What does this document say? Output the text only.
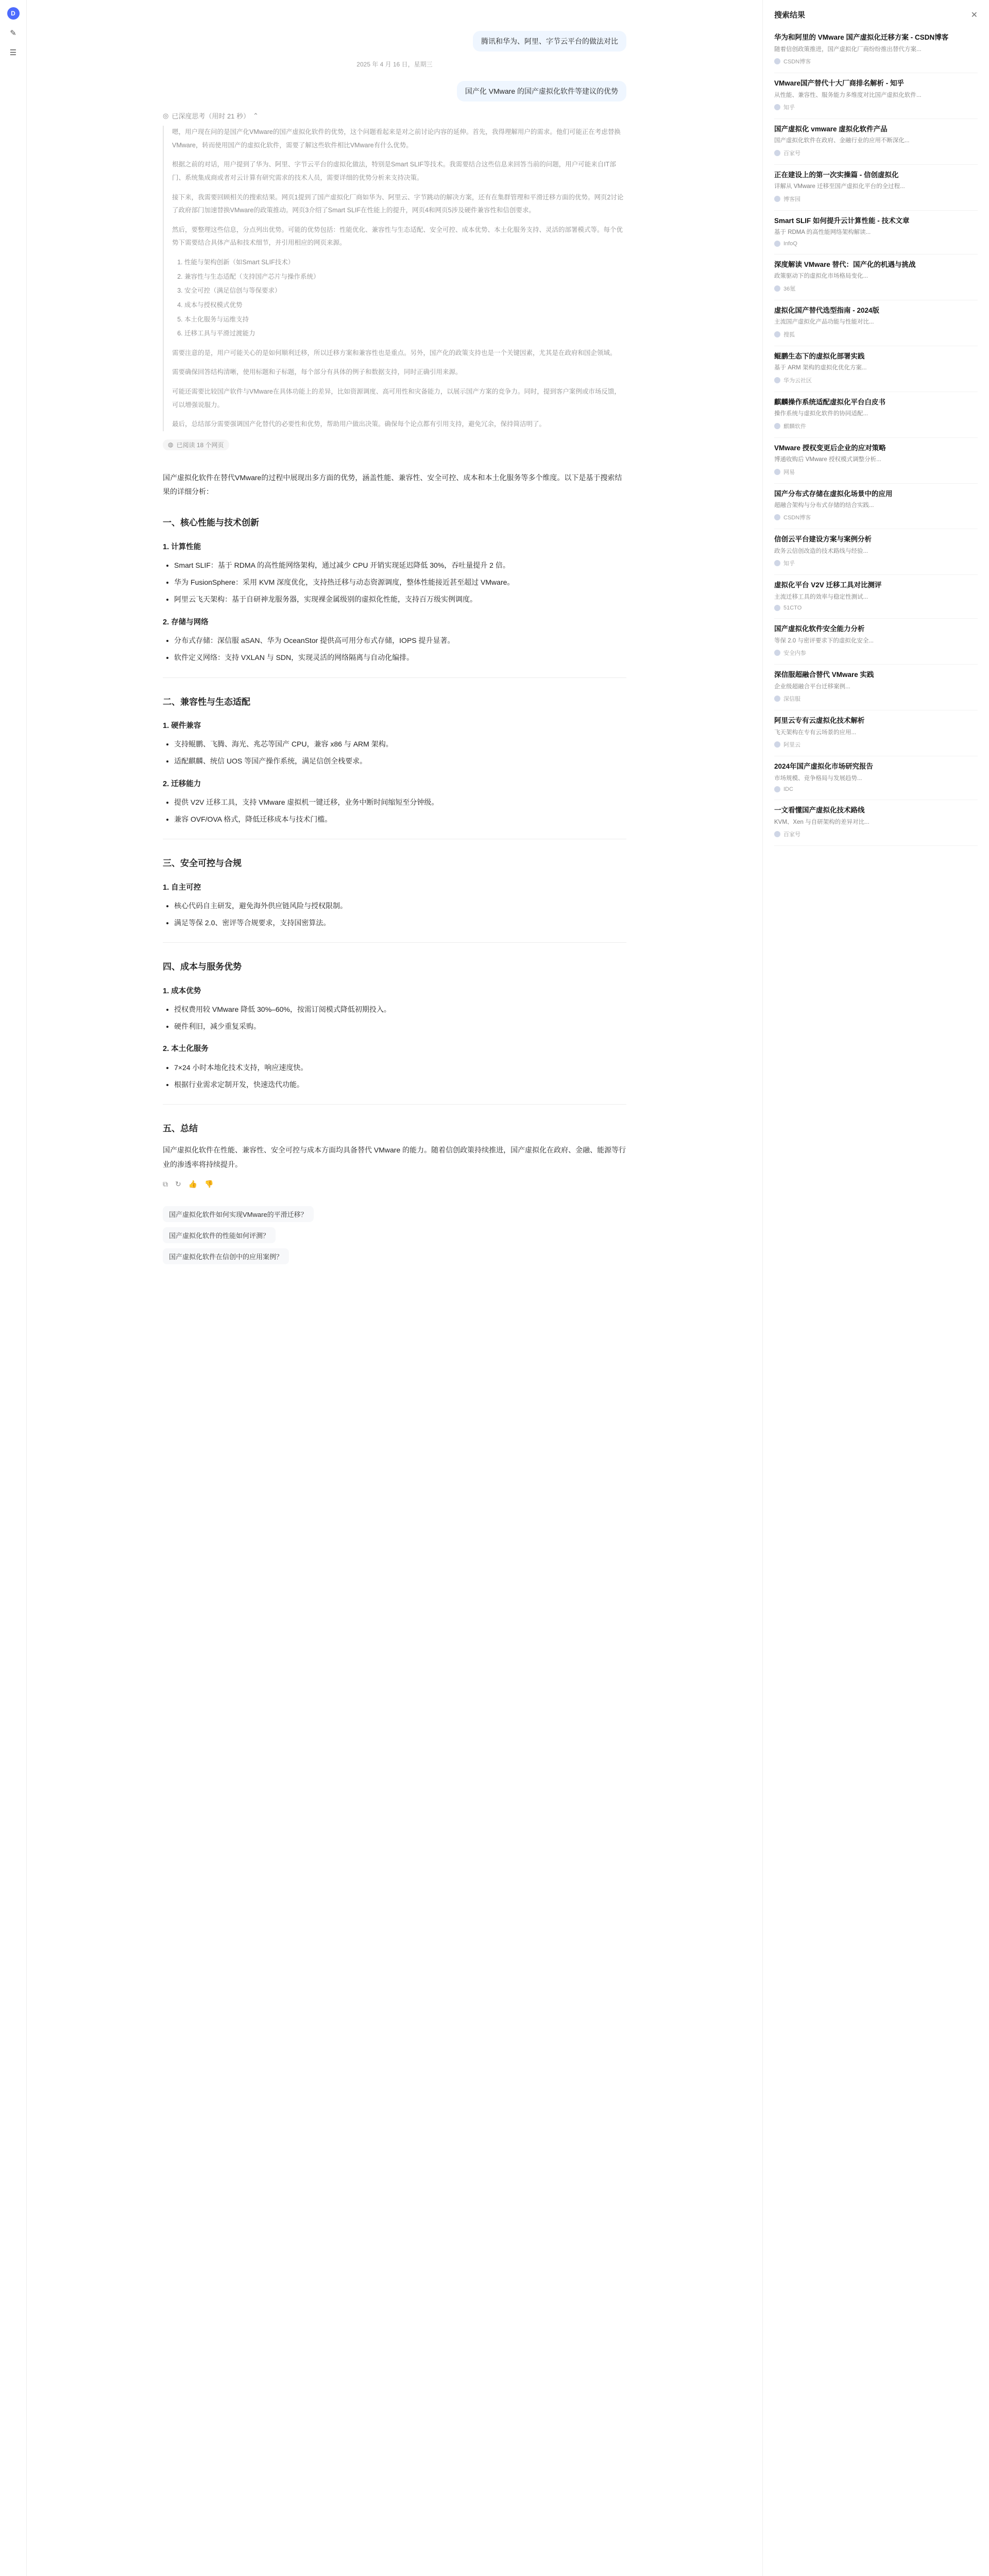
D
✎
☰
腾讯和华为、阿里、字节云平台的做法对比
2025 年 4 月 16 日，星期三
国产化 VMware 的国产虚拟化软件等建议的优势
◎ 已深度思考（用时 21 秒） ⌃

嗯，用户现在问的是国产化VMware的国产虚拟化软件的优势，这个问题看起来是对之前讨论内容的延伸。首先，我得理解用户的需求。他们可能正在考虑替换VMware，转而使用国产的虚拟化软件，需要了解这些软件相比VMware有什么优势。

根据之前的对话，用户提到了华为、阿里、字节云平台的虚拟化做法，特别是Smart SLIF等技术。我需要结合这些信息来回答当前的问题，用户可能来自IT部门、系统集成商或者对云计算有研究需求的技术人员，需要详细的优势分析来支持决策。

接下来，我需要回顾相关的搜索结果。网页1提到了国产虚拟化厂商如华为、阿里云、字节跳动的解决方案，还有在集群管理和平滑迁移方面的优势。网页2讨论了政府部门加速替换VMware的政策推动。网页3介绍了Smart SLIF在性能上的提升，网页4和网页5涉及硬件兼容性和信创要求。

然后，要整理这些信息，分点列出优势。可能的优势包括：性能优化、兼容性与生态适配、安全可控、成本优势、本土化服务支持、灵活的部署模式等。每个优势下需要结合具体产品和技术细节，并引用相应的网页来源。

1. 性能与架构创新（如Smart SLIF技术）
2. 兼容性与生态适配（支持国产芯片与操作系统）
3. 安全可控（满足信创与等保要求）
4. 成本与授权模式优势
5. 本土化服务与运维支持
6. 迁移工具与平滑过渡能力

需要注意的是，用户可能关心的是如何顺利迁移，所以迁移方案和兼容性也是重点。另外，国产化的政策支持也是一个关键因素，尤其是在政府和国企领域。

需要确保回答结构清晰，使用标题和子标题，每个部分有具体的例子和数据支持，同时正确引用来源。

可能还需要比较国产软件与VMware在具体功能上的差异，比如资源调度、高可用性和灾备能力，以展示国产方案的竞争力。同时，提到客户案例或市场反馈，可以增强说服力。

最后，总结部分需要强调国产化替代的必要性和优势，帮助用户做出决策。确保每个论点都有引用支持，避免冗余，保持简洁明了。

◍ 已阅读 18 个网页

国产虚拟化软件在替代VMware的过程中展现出多方面的优势，涵盖性能、兼容性、安全可控、成本和本土化服务等多个维度。以下是基于搜索结果的详细分析：

一、核心性能与技术创新
1. 计算性能
• Smart SLIF：基于 RDMA 的高性能网络架构，通过减少 CPU 开销实现延迟降低 30%，吞吐量提升 2 倍。
• 华为 FusionSphere：采用 KVM 深度优化，支持热迁移与动态资源调度，整体性能接近甚至超过 VMware。
• 阿里云飞天架构：基于自研神龙服务器，实现裸金属级别的虚拟化性能，支持百万级实例调度。
2. 存储与网络
• 分布式存储：深信服 aSAN、华为 OceanStor 提供高可用分布式存储，IOPS 提升显著。
• 软件定义网络：支持 VXLAN 与 SDN，实现灵活的网络隔离与自动化编排。
二、兼容性与生态适配
1. 硬件兼容
• 支持鲲鹏、飞腾、海光、兆芯等国产 CPU，兼容 x86 与 ARM 架构。
• 适配麒麟、统信 UOS 等国产操作系统，满足信创全栈要求。
2. 迁移能力
• 提供 V2V 迁移工具，支持 VMware 虚拟机一键迁移，业务中断时间缩短至分钟级。
• 兼容 OVF/OVA 格式，降低迁移成本与技术门槛。
三、安全可控与合规
1. 自主可控
• 核心代码自主研发，避免海外供应链风险与授权限制。
• 满足等保 2.0、密评等合规要求，支持国密算法。
四、成本与服务优势
1. 成本优势
• 授权费用较 VMware 降低 30%–60%，按需订阅模式降低初期投入。
• 硬件利旧，减少重复采购。
2. 本土化服务
• 7×24 小时本地化技术支持，响应速度快。
• 根据行业需求定制开发，快速迭代功能。
五、总结

国产虚拟化软件在性能、兼容性、安全可控与成本方面均具备替代 VMware 的能力。随着信创政策持续推进，国产虚拟化在政府、金融、能源等行业的渗透率将持续提升。

⧉ ↻ 👍 👎
国产虚拟化软件如何实现VMware的平滑迁移？
国产虚拟化软件的性能如何评测？
国产虚拟化软件在信创中的应用案例？
搜索结果	✕
华为和阿里的 VMware 国产虚拟化迁移方案 - CSDN博客
随着信创政策推进，国产虚拟化厂商纷纷推出替代方案...
CSDN博客
VMware国产替代十大厂商排名解析 - 知乎
从性能、兼容性、服务能力多维度对比国产虚拟化软件...
知乎
国产虚拟化 vmware 虚拟化软件产品
国产虚拟化软件在政府、金融行业的应用不断深化...
百家号
正在建设上的第一次实操篇 - 信创虚拟化
详解从 VMware 迁移至国产虚拟化平台的全过程...
博客园
Smart SLIF 如何提升云计算性能 - 技术文章
基于 RDMA 的高性能网络架构解读...
InfoQ
深度解读 VMware 替代：国产化的机遇与挑战
政策驱动下的虚拟化市场格局变化...
36氪
虚拟化国产替代选型指南 - 2024版
主流国产虚拟化产品功能与性能对比...
搜狐
鲲鹏生态下的虚拟化部署实践
基于 ARM 架构的虚拟化优化方案...
华为云社区
麒麟操作系统适配虚拟化平台白皮书
操作系统与虚拟化软件的协同适配...
麒麟软件
VMware 授权变更后企业的应对策略
博通收购后 VMware 授权模式调整分析...
网易
国产分布式存储在虚拟化场景中的应用
超融合架构与分布式存储的结合实践...
CSDN博客
信创云平台建设方案与案例分析
政务云信创改造的技术路线与经验...
知乎
虚拟化平台 V2V 迁移工具对比测评
主流迁移工具的效率与稳定性测试...
51CTO
国产虚拟化软件安全能力分析
等保 2.0 与密评要求下的虚拟化安全...
安全内参
深信服超融合替代 VMware 实践
企业级超融合平台迁移案例...
深信服
阿里云专有云虚拟化技术解析
飞天架构在专有云场景的应用...
阿里云
2024年国产虚拟化市场研究报告
市场规模、竞争格局与发展趋势...
IDC
一文看懂国产虚拟化技术路线
KVM、Xen 与自研架构的差异对比...
百家号
